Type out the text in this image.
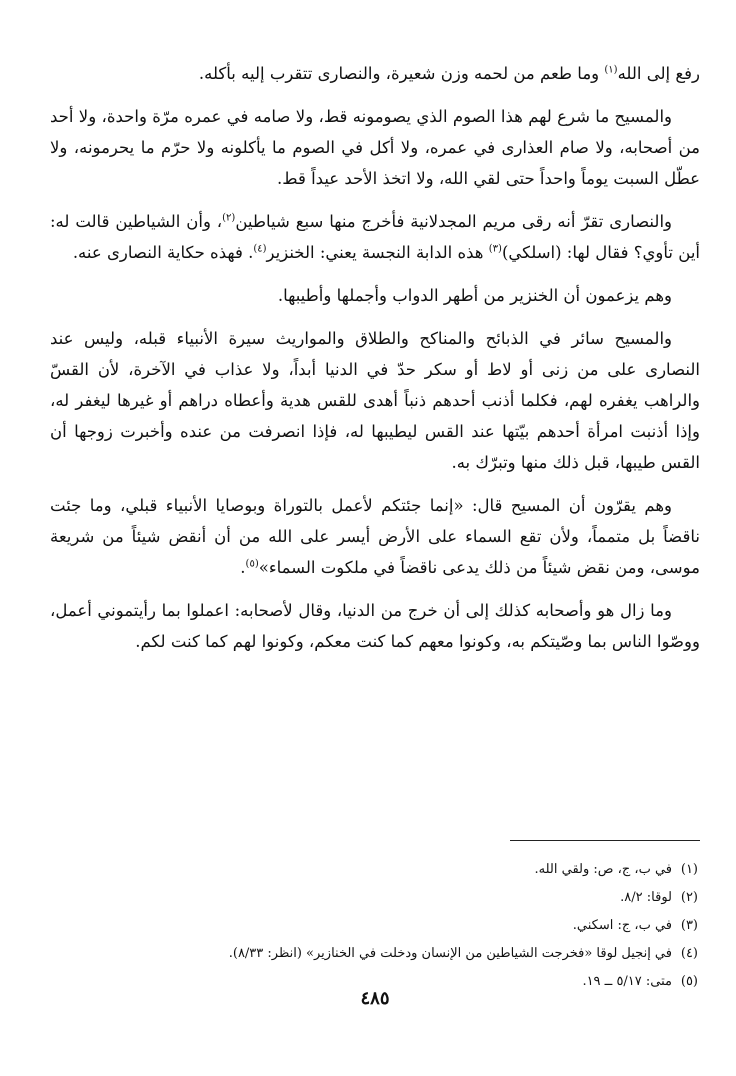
رفع إلى الله$^{(١)}$ وما طعم من لحمه وزن شعيرة، والنصارى تتقرب إليه بأكله.

والمسيح ما شرع لهم هذا الصوم الذي يصومونه قط، ولا صامه في عمره مرّة واحدة، ولا أحد من أصحابه، ولا صام العذارى في عمره، ولا أكل في الصوم ما يأكلونه ولا حرّم ما يحرمونه، ولا عطّل السبت يوماً واحداً حتى لقي الله، ولا اتخذ الأحد عيداً قط.

والنصارى تقرّ أنه رقى مريم المجدلانية فأخرج منها سبع شياطين$^{(٢)}$، وأن الشياطين قالت له: أين تأوي؟ فقال لها: (اسلكي)$^{(٣)}$ هذه الدابة النجسة يعني: الخنزير$^{(٤)}$. فهذه حكاية النصارى عنه.

وهم يزعمون أن الخنزير من أطهر الدواب وأجملها وأطيبها.

والمسيح سائر في الذبائح والمناكح والطلاق والمواريث سيرة الأنبياء قبله، وليس عند النصارى على من زنى أو لاط أو سكر حدّ في الدنيا أبداً، ولا عذاب في الآخرة، لأن القسّ والراهب يغفره لهم، فكلما أذنب أحدهم ذنباً أهدى للقس هدية وأعطاه دراهم أو غيرها ليغفر له، وإذا أذنبت امرأة أحدهم بيّتها عند القس ليطيبها له، فإذا انصرفت من عنده وأخبرت زوجها أن القس طيبها، قبل ذلك منها وتبرّك به.

وهم يقرّون أن المسيح قال: «إنما جئتكم لأعمل بالتوراة وبوصايا الأنبياء قبلي، وما جئت ناقضاً بل متمماً، ولأن تقع السماء على الأرض أيسر على الله من أن أنقض شيئاً من شريعة موسى، ومن نقض شيئاً من ذلك يدعى ناقضاً في ملكوت السماء»$^{(٥)}$.

وما زال هو وأصحابه كذلك إلى أن خرج من الدنيا، وقال لأصحابه: اعملوا بما رأيتموني أعمل، ووصّوا الناس بما وصّيتكم به، وكونوا معهم كما كنت معكم، وكونوا لهم كما كنت لكم.

(١)
في ب، ج، ص: ولقي الله.
(٢)
لوقا: ٨/٢.
(٣)
في ب، ج: اسكني.
(٤)
في إنجيل لوقا «فخرجت الشياطين من الإنسان ودخلت في الخنازير» (انظر: ٨/٣٣).
(٥)
متى: ٥/١٧ ــ ١٩.
٤٨٥
